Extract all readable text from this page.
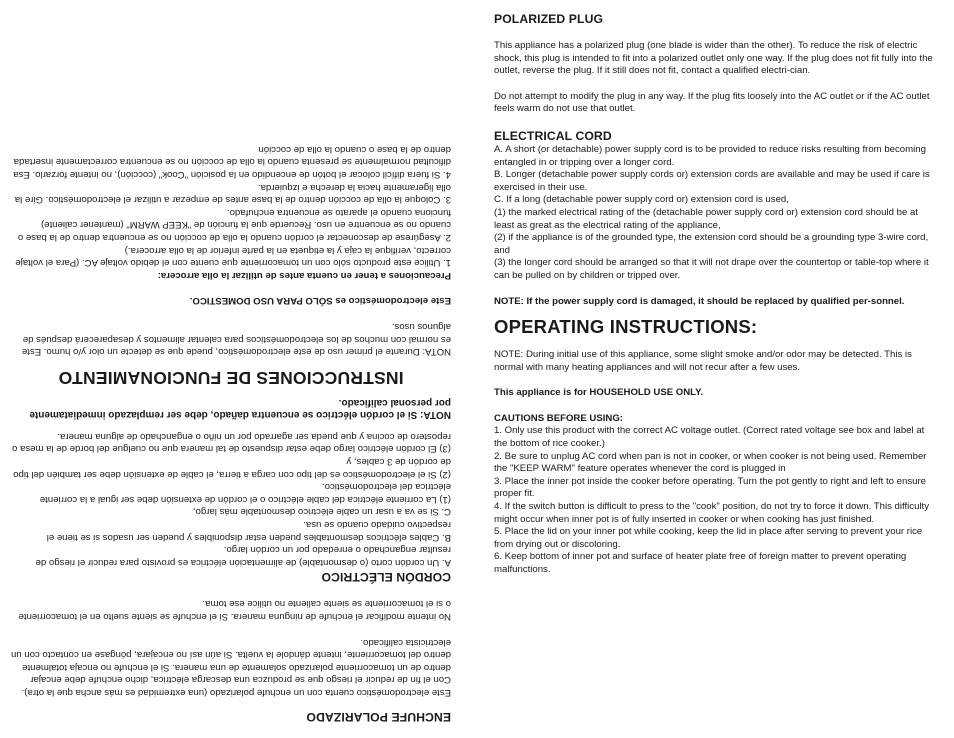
ENCHUFE POLARIZADO

Este electrodoméstico cuenta con un enchufe polarizado (una extremidad es más ancha que la otra). Con el fin de reducir el riesgo que se produzca una descarga eléctrica, dicho enchufe debe encajar dentro de un tomacorriente polarizado solamente de una manera. Si el enchufe no encaja totalmente dentro del tomacorriente, intente dándole la vuelta. Si aún así no encajara, póngase en contacto con un electricista calificado.

No intente modificar el enchufe de ninguna manera. Si el enchufe se siente suelto en el tomacorriente o si el tomacorriente se siente caliente no utilice ese toma.

CORDÓN ELÉCTRICO

A. Un cordón corto (o desmontable) de alimentación eléctrica es provisto para reducir el riesgo de resultar enganchado o enredado por un cordón largo.
B. Cables eléctricos desmontables pueden estar disponibles y pueden ser usados si se tiene el respectivo cuidado cuando se usa.
C. Si se va a usar un cable eléctrico desmontable más largo,
(1) La corriente eléctrica del cable eléctrico o el cordón de extensión debe ser igual a la corriente eléctrica del electrodoméstico.
(2) Si el electrodoméstico es del tipo con carga a tierra, el cable de extensión debe ser también del tipo de cordón de 3 cables, y
(3) El cordón eléctrico largo debe estar dispuesto de tal manera que no cuelgue del borde de la mesa o repostero de cocina y que pueda ser agarrado por un niño o enganchado de alguna manera.

NOTA: Si el cordón eléctrico se encuentra dañado, debe ser remplazado inmediatamente por personal calificado.

INSTRUCCIONES DE FUNCIONAMIENTO

NOTA: Durante el primer uso de este electrodoméstico, puede que se detecte un olor y/o humo. Este es normal con muchos de los electrodomésticos para calentar alimentos y desaparecerá después de algunos usos.

Este electrodoméstico es SÓLO PARA USO DOMESTICO.

Precauciones a tener en cuenta antes de utilizar la olla arrocera:

1. Utilice este producto sólo con un tomacorriente que cuente con el debido voltaje AC. (Para el voltaje correcto, verifique la caja y la etiqueta en la parte inferior de la olla arrocera.)
2. Asegúrese de desconectar el cordón cuando la olla de cocción no se encuentra dentro de la base o cuando no se encuentre en uso. Recuerde que la función de "KEEP WARM" (mantener caliente) funciona cuando el aparato se encuentra enchufado.
3. Coloque la olla de cocción dentro de la base antes de empezar a utilizar el electrodoméstico. Gire la olla ligeramente hacia la derecha e izquierda.
4. Si fuera difícil colocar el botón de encendido en la posición "Cook" (cocción), no intente forzarlo. Esa dificultad normalmente se presenta cuando la olla de cocción no se encuentra correctamente insertada dentro de la base o cuando la olla de cocción

POLARIZED PLUG

This appliance has a polarized plug (one blade is wider than the other). To reduce the risk of electric shock, this plug is intended to fit into a polarized outlet only one way. If the plug does not fit fully into the outlet, reverse the plug. If it still does not fit, contact a qualified electri-cian.

Do not attempt to modify the plug in any way. If the plug fits loosely into the AC outlet or if the AC outlet feels warm do not use that outlet.

ELECTRICAL CORD

A. A short (or detachable) power supply cord is to be provided to reduce risks resulting from becoming entangled in or tripping over a longer cord.
B. Longer (detachable power supply cords or) extension cords are available and may be used if care is exercised in their use.
C. If a long (detachable power supply cord or) extension cord is used,
(1) the marked electrical rating of the (detachable power supply cord or) extension cord should be at least as great as the electrical rating of the appliance,
(2) if the appliance is of the grounded type, the extension cord should be a grounding type 3-wire cord, and
(3) the longer cord should be arranged so that it will not drape over the countertop or table-top where it can be pulled on by children or tripped over.

NOTE: If the power supply cord is damaged, it should be replaced by qualified per-sonnel.

OPERATING INSTRUCTIONS:

NOTE: During initial use of this appliance, some slight smoke and/or odor may be detected. This is normal with many heating appliances and will not recur after a few uses.

This appliance is for HOUSEHOLD USE ONLY.

CAUTIONS BEFORE USING:

1. Only use this product with the correct AC voltage outlet. (Correct rated voltage see box and label at the bottom of rice cooker.)
2. Be sure to unplug AC cord when pan is not in cooker, or when cooker is not being used. Remember the "KEEP WARM" feature operates whenever the cord is plugged in
3. Place the inner pot inside the cooker before operating. Turn the pot gently to right and left to ensure proper fit.
4. If the switch button is difficult to press to the "cook" position, do not try to force it down. This difficulty might occur when inner pot is of fully inserted in cooker or when cooking has just finished.
5. Place the lid on your inner pot while cooking, keep the lid in place after serving to prevent your rice from drying out or discoloring.
6. Keep bottom of inner pot and surface of heater plate free of foreign matter to prevent operating malfunctions.
